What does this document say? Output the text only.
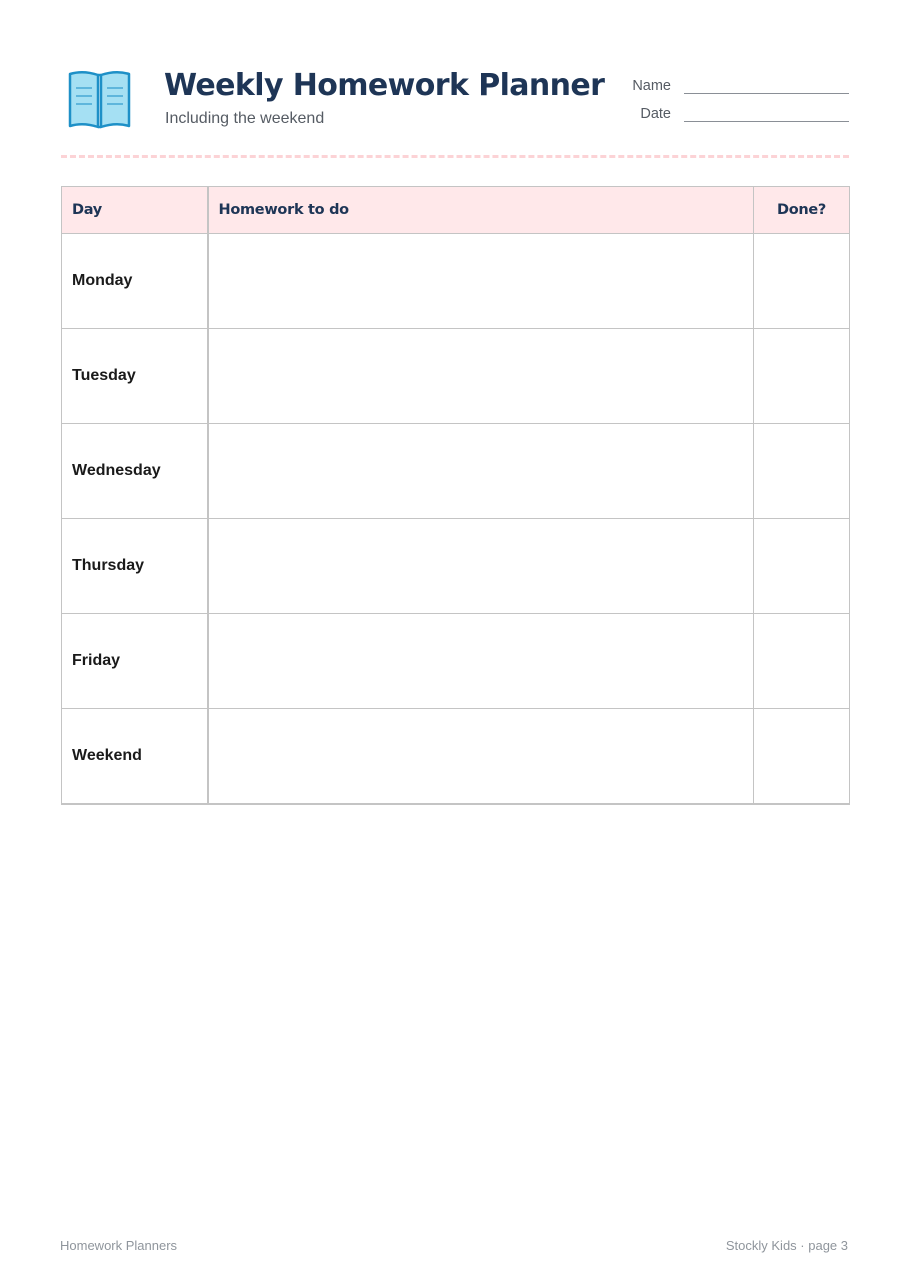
Weekly Homework Planner
Including the weekend
Name
Date
Day	Homework to do	Done?
Monday		
Tuesday		
Wednesday		
Thursday		
Friday		
Weekend		
Homework Planners	Stockly Kids · page 3
